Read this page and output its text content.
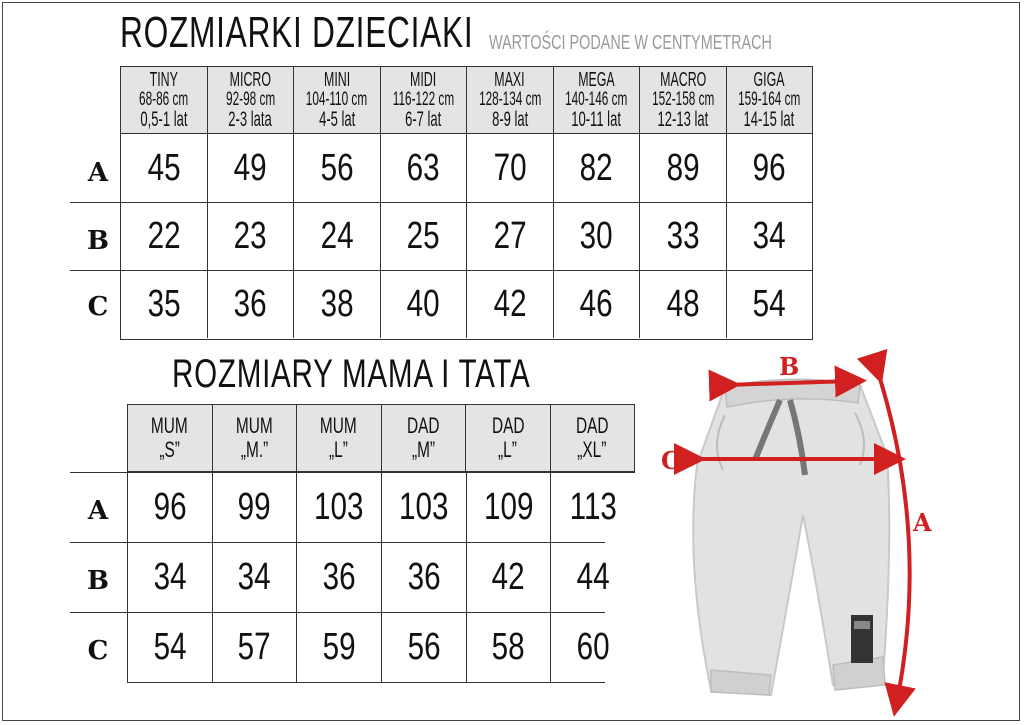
ROZMIARKI DZIECIAKI WARTOŚCI PODANE W CENTYMETRACH
TINY
68-86 cm
0,5-1 lat
MICRO
92-98 cm
2-3 lata
MINI
104-110 cm
4-5 lat
MIDI
116-122 cm
6-7 lat
MAXI
128-134 cm
8-9 lat
MEGA
140-146 cm
10-11 lat
MACRO
152-158 cm
12-13 lat
GIGA
159-164 cm
14-15 lat
45 49 56 63 70 82 89 96
22 23 24 25 27 30 33 34
35 36 38 40 42 46 48 54
A
B
C
ROZMIARY MAMA I TATA
MUM
„S”
MUM
„M.”
MUM
„L”
DAD
„M”
DAD
„L”
DAD
„XL”
96 99 103 103 109 113
34 34 36 36 42 44
54 57 59 56 58 60
A
B
C
B
C
A
